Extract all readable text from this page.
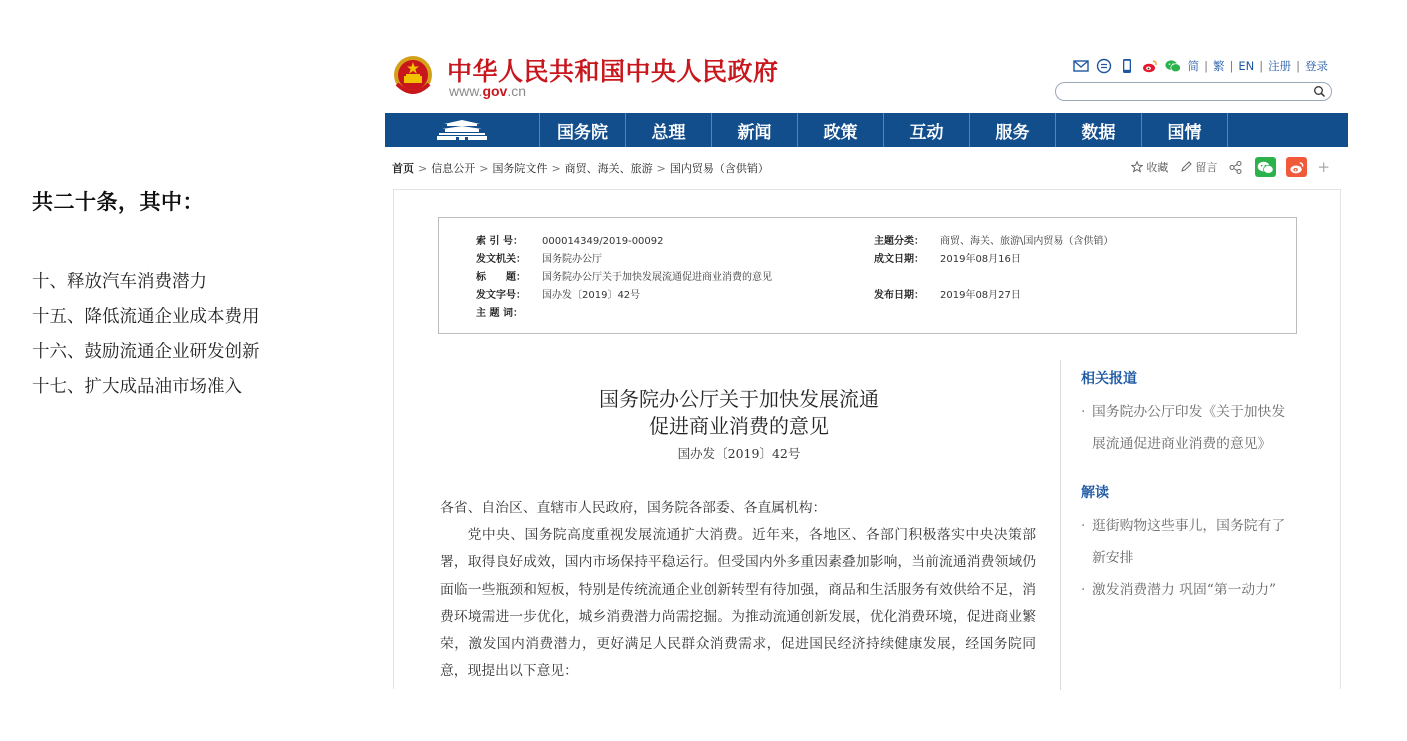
共二十条，其中：
十、释放汽车消费潜力
十五、降低流通企业成本费用
十六、鼓励流通企业研发创新
十七、扩大成品油市场准入
中华人民共和国中央人民政府
www.gov.cn
简 | 繁 | EN | 注册 | 登录
国务院	总理	新闻	政策	互动	服务	数据	国情
首页 > 信息公开 > 国务院文件 > 商贸、海关、旅游 > 国内贸易（含供销）	收藏 留言	+
索 引 号： 000014349/2019-00092	主题分类： 商贸、海关、旅游\国内贸易（含供销）
发文机关： 国务院办公厅	成文日期： 2019年08月16日
标　　题： 国务院办公厅关于加快发展流通促进商业消费的意见
发文字号： 国办发〔2019〕42号	发布日期： 2019年08月27日
主 题 词：
国务院办公厅关于加快发展流通
促进商业消费的意见
国办发〔2019〕42号

各省、自治区、直辖市人民政府，国务院各部委、各直属机构：

党中央、国务院高度重视发展流通扩大消费。近年来，各地区、各部门积极落实中央决策部署，取得良好成效，国内市场保持平稳运行。但受国内外多重因素叠加影响，当前流通消费领域仍面临一些瓶颈和短板，特别是传统流通企业创新转型有待加强，商品和生活服务有效供给不足，消费环境需进一步优化，城乡消费潜力尚需挖掘。为推动流通创新发展，优化消费环境，促进商业繁荣，激发国内消费潜力，更好满足人民群众消费需求，促进国民经济持续健康发展，经国务院同意，现提出以下意见：

相关报道
· 国务院办公厅印发《关于加快发展流通促进商业消费的意见》
解读
· 逛街购物这些事儿，国务院有了新安排
· 激发消费潜力 巩固“第一动力”
